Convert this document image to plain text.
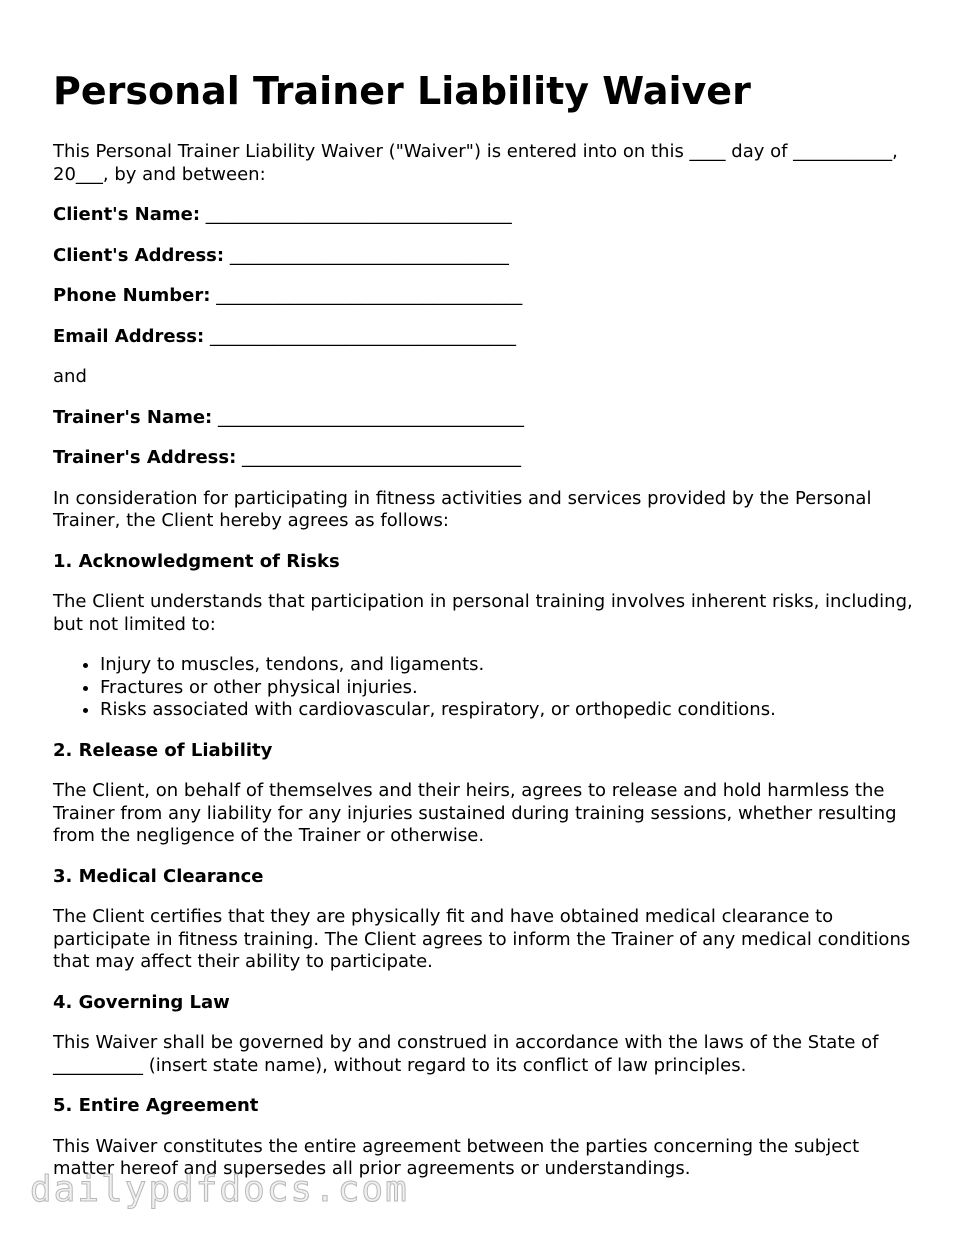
Personal Trainer Liability Waiver

This Personal Trainer Liability Waiver ("Waiver") is entered into on this ____ day of ___________, 20___, by and between:

Client's Name: __________________________________
Client's Address: _______________________________
Phone Number: __________________________________
Email Address: __________________________________

and

Trainer's Name: __________________________________
Trainer's Address: _______________________________

In consideration for participating in fitness activities and services provided by the Personal Trainer, the Client hereby agrees as follows:

1. Acknowledgment of Risks

The Client understands that participation in personal training involves inherent risks, including, but not limited to:

• Injury to muscles, tendons, and ligaments.
• Fractures or other physical injuries.
• Risks associated with cardiovascular, respiratory, or orthopedic conditions.
2. Release of Liability

The Client, on behalf of themselves and their heirs, agrees to release and hold harmless the Trainer from any liability for any injuries sustained during training sessions, whether resulting from the negligence of the Trainer or otherwise.

3. Medical Clearance

The Client certifies that they are physically fit and have obtained medical clearance to participate in fitness training. The Client agrees to inform the Trainer of any medical conditions that may affect their ability to participate.

4. Governing Law

This Waiver shall be governed by and construed in accordance with the laws of the State of __________ (insert state name), without regard to its conflict of law principles.

5. Entire Agreement

This Waiver constitutes the entire agreement between the parties concerning the subject matter hereof and supersedes all prior agreements or understandings.

dailypdfdocs.com
